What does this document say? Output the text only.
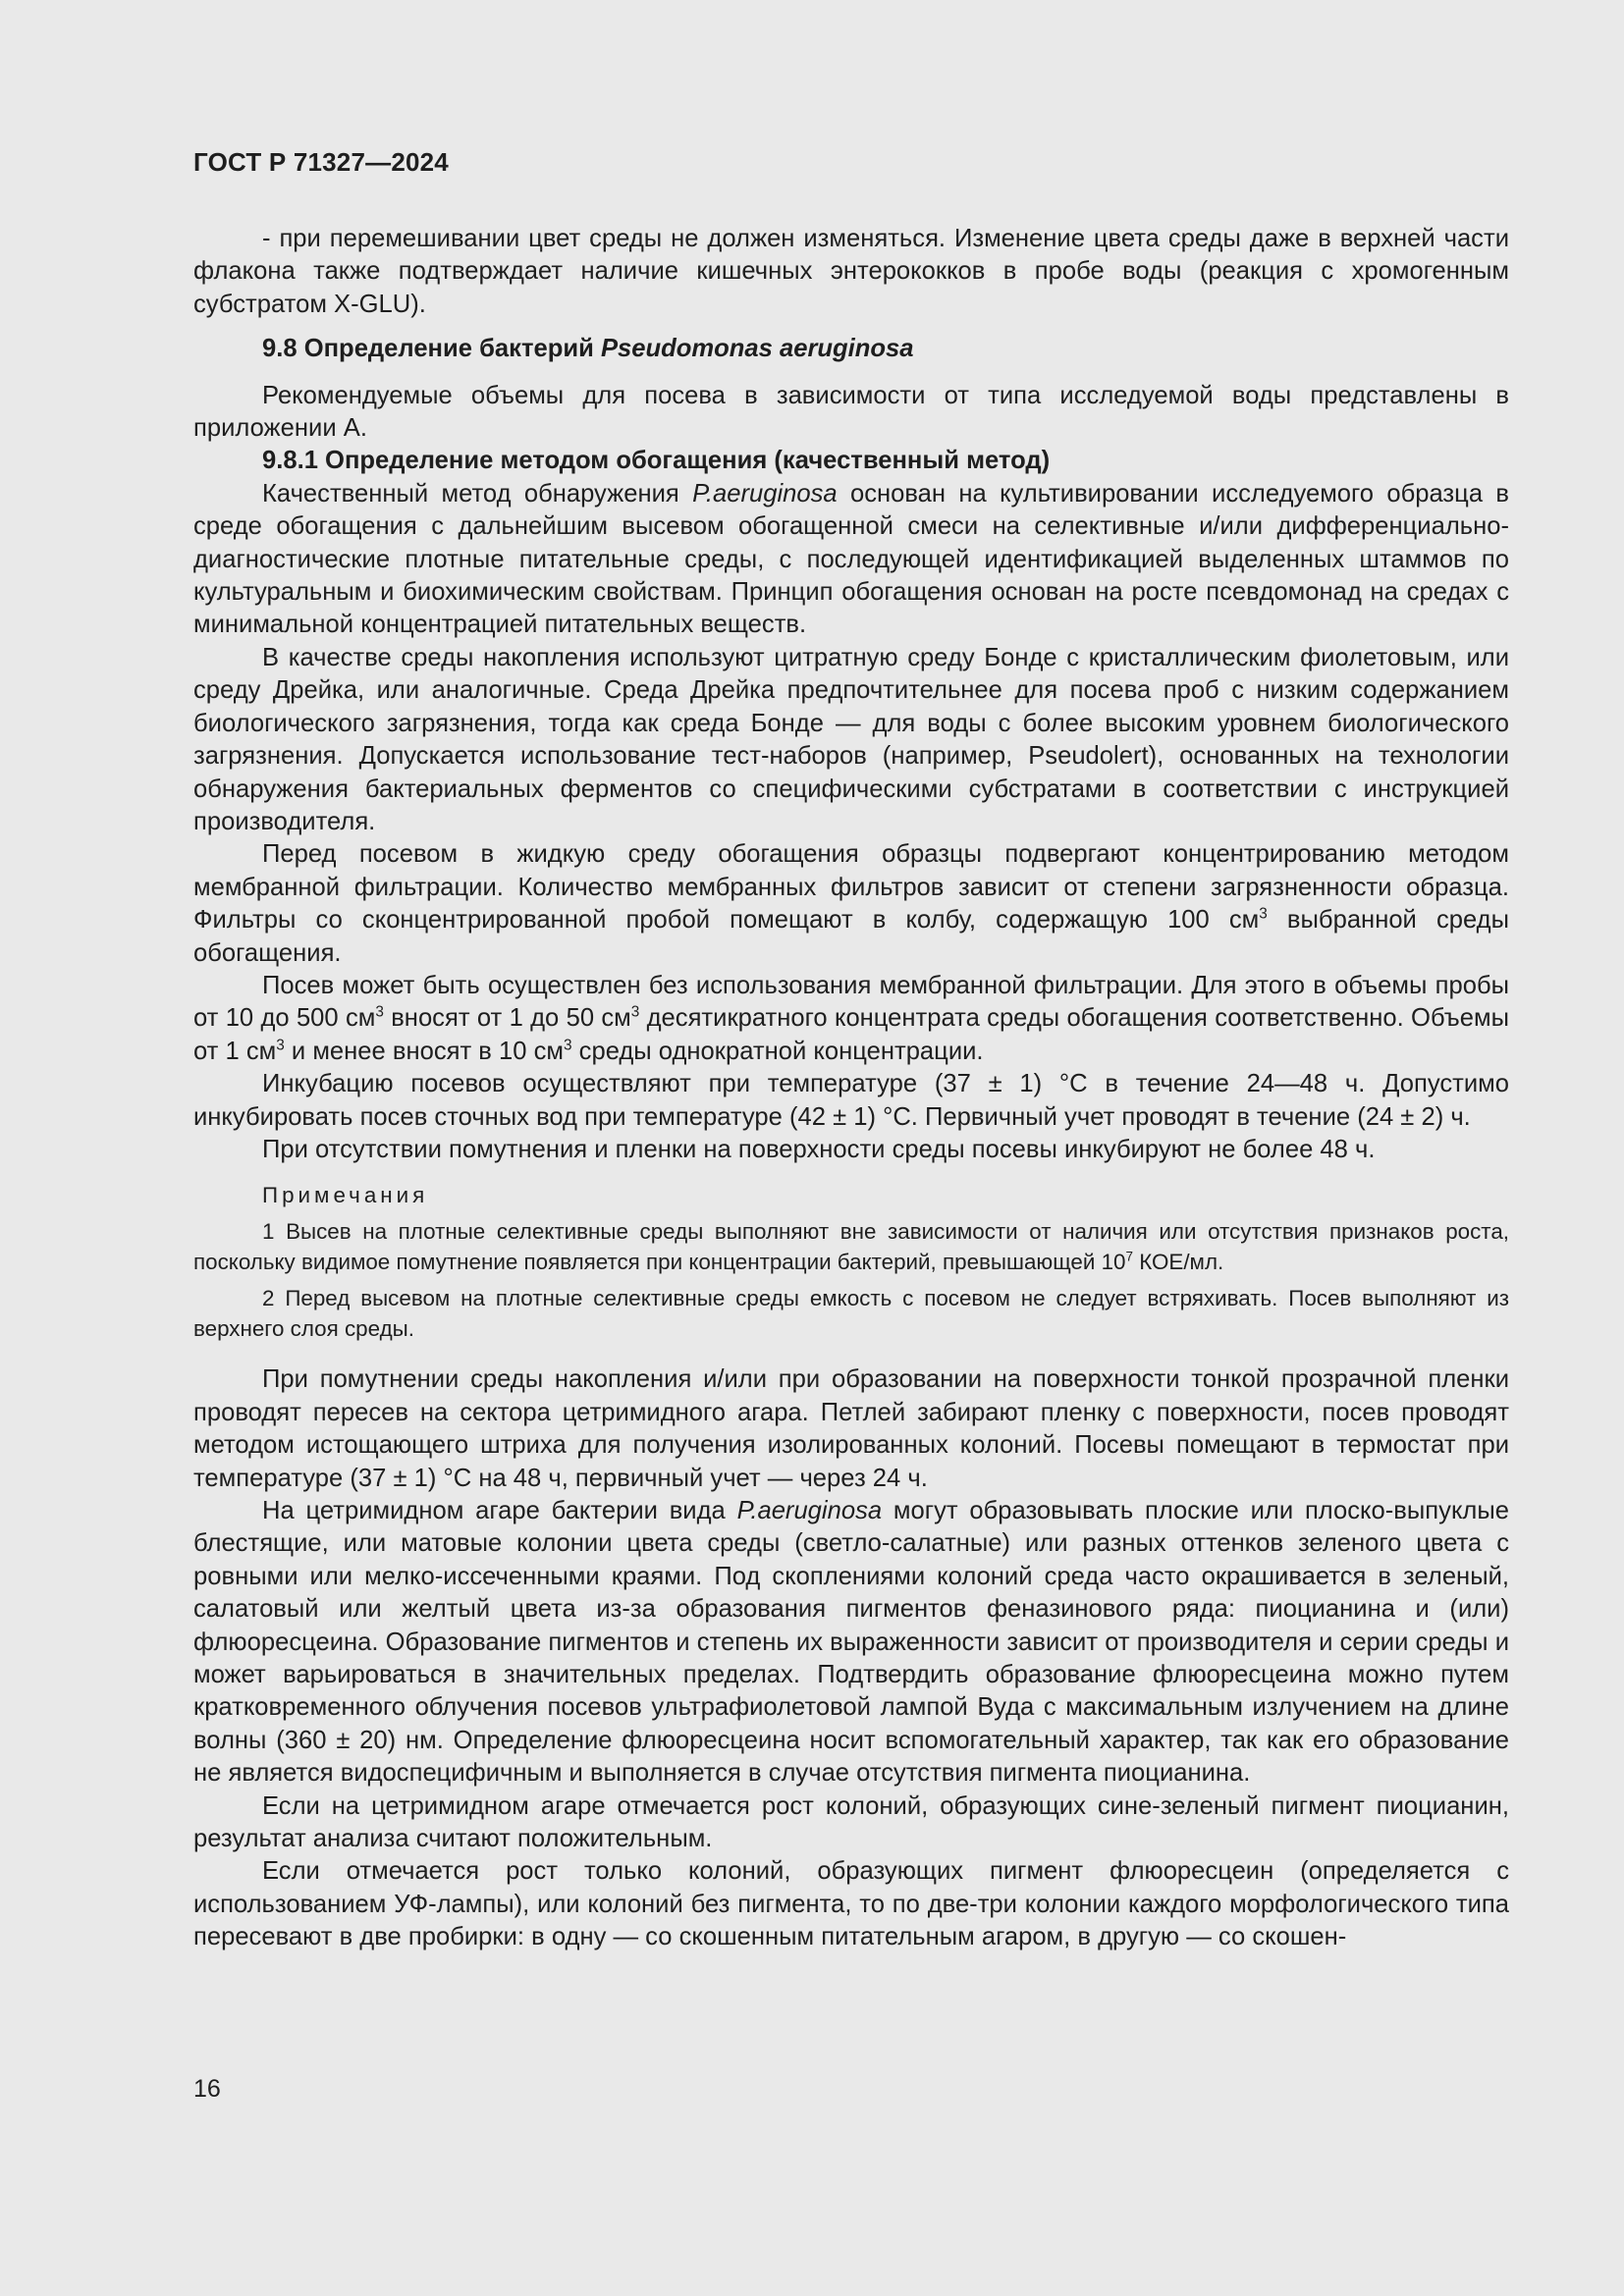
ГОСТ Р 71327—2024

- при перемешивании цвет среды не должен изменяться. Изменение цвета среды даже в верхней части флакона также подтверждает наличие кишечных энтерококков в пробе воды (реакция с хромогенным субстратом X-GLU).

9.8 Определение бактерий Pseudomonas aeruginosa

Рекомендуемые объемы для посева в зависимости от типа исследуемой воды представлены в приложении А.

9.8.1 Определение методом обогащения (качественный метод)

Качественный метод обнаружения P.aeruginosa основан на культивировании исследуемого образца в среде обогащения с дальнейшим высевом обогащенной смеси на селективные и/или дифференциально-диагностические плотные питательные среды, с последующей идентификацией выделенных штаммов по культуральным и биохимическим свойствам. Принцип обогащения основан на росте псевдомонад на средах с минимальной концентрацией питательных веществ.

В качестве среды накопления используют цитратную среду Бонде с кристаллическим фиолетовым, или среду Дрейка, или аналогичные. Среда Дрейка предпочтительнее для посева проб с низким содержанием биологического загрязнения, тогда как среда Бонде — для воды с более высоким уровнем биологического загрязнения. Допускается использование тест-наборов (например, Pseudolert), основанных на технологии обнаружения бактериальных ферментов со специфическими субстратами в соответствии с инструкцией производителя.

Перед посевом в жидкую среду обогащения образцы подвергают концентрированию методом мембранной фильтрации. Количество мембранных фильтров зависит от степени загрязненности образца. Фильтры со сконцентрированной пробой помещают в колбу, содержащую 100 $см^3$ выбранной среды обогащения.

Посев может быть осуществлен без использования мембранной фильтрации. Для этого в объемы пробы от 10 до 500 $см^3$ вносят от 1 до 50 $см^3$ десятикратного концентрата среды обогащения соответственно. Объемы от 1 $см^3$ и менее вносят в 10 $см^3$ среды однократной концентрации.

Инкубацию посевов осуществляют при температуре (37 ± 1) °С в течение 24—48 ч. Допустимо инкубировать посев сточных вод при температуре (42 ± 1) °С. Первичный учет проводят в течение (24 ± 2) ч.

При отсутствии помутнения и пленки на поверхности среды посевы инкубируют не более 48 ч.

Примечания

1 Высев на плотные селективные среды выполняют вне зависимости от наличия или отсутствия признаков роста, поскольку видимое помутнение появляется при концентрации бактерий, превышающей $10^7$ КОЕ/мл.

2 Перед высевом на плотные селективные среды емкость с посевом не следует встряхивать. Посев выполняют из верхнего слоя среды.

При помутнении среды накопления и/или при образовании на поверхности тонкой прозрачной пленки проводят пересев на сектора цетримидного агара. Петлей забирают пленку с поверхности, посев проводят методом истощающего штриха для получения изолированных колоний. Посевы помещают в термостат при температуре (37 ± 1) °С на 48 ч, первичный учет — через 24 ч.

На цетримидном агаре бактерии вида P.aeruginosa могут образовывать плоские или плоско-выпуклые блестящие, или матовые колонии цвета среды (светло-салатные) или разных оттенков зеленого цвета с ровными или мелко-иссеченными краями. Под скоплениями колоний среда часто окрашивается в зеленый, салатовый или желтый цвета из-за образования пигментов феназинового ряда: пиоцианина и (или) флюоресцеина. Образование пигментов и степень их выраженности зависит от производителя и серии среды и может варьироваться в значительных пределах. Подтвердить образование флюоресцеина можно путем кратковременного облучения посевов ультрафиолетовой лампой Вуда с максимальным излучением на длине волны (360 ± 20) нм. Определение флюоресцеина носит вспомогательный характер, так как его образование не является видоспецифичным и выполняется в случае отсутствия пигмента пиоцианина.

Если на цетримидном агаре отмечается рост колоний, образующих сине-зеленый пигмент пиоцианин, результат анализа считают положительным.

Если отмечается рост только колоний, образующих пигмент флюоресцеин (определяется с использованием УФ-лампы), или колоний без пигмента, то по две-три колонии каждого морфологического типа пересевают в две пробирки: в одну — со скошенным питательным агаром, в другую — со скошен-

16
